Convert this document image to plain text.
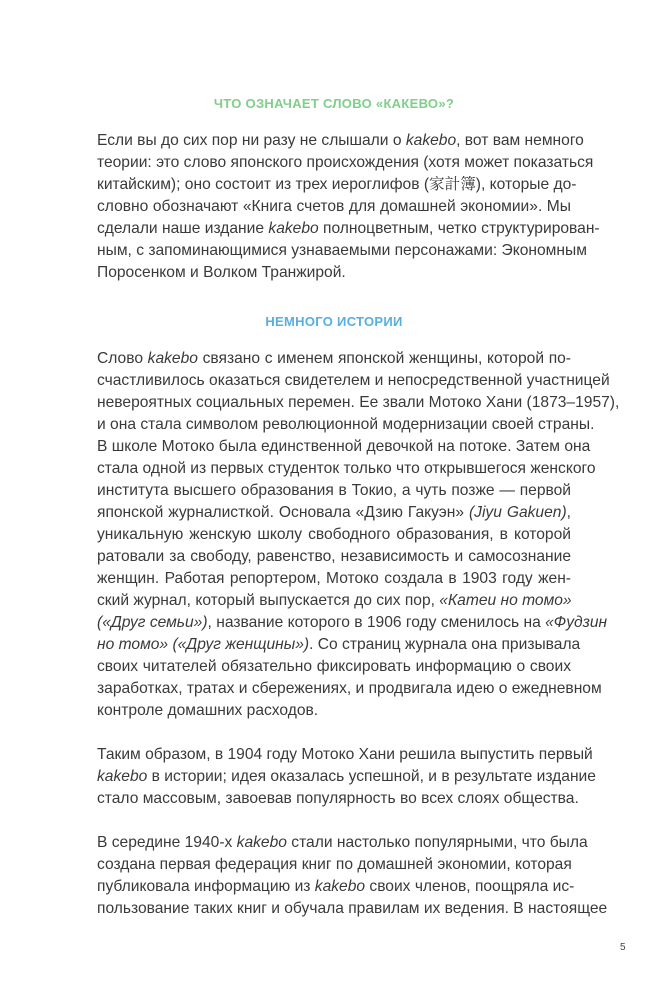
ЧТО ОЗНАЧАЕТ СЛОВО «КАКЕВО»?
Если вы до сих пор ни разу не слышали о kakebo, вот вам немного
теории: это слово японского происхождения (хотя может показаться
китайским); оно состоит из трех иероглифов (家計簿), которые до-
словно обозначают «Книга счетов для домашней экономии». Мы
сделали наше издание kakebo полноцветным, четко структурирован-
ным, с запоминающимися узнаваемыми персонажами: Экономным
Поросенком и Волком Транжирой.
НЕМНОГО ИСТОРИИ
Слово kakebo связано с именем японской женщины, которой по-
счастливилось оказаться свидетелем и непосредственной участницей
невероятных социальных перемен. Ее звали Мотоко Хани (1873–1957),
и она стала символом революционной модернизации своей страны.
В школе Мотоко была единственной девочкой на потоке. Затем она
стала одной из первых студенток только что открывшегося женского
института высшего образования в Токио, а чуть позже — первой
японской журналисткой. Основала «Дзию Гакуэн» (Jiyu Gakuen),
уникальную женскую школу свободного образования, в которой
ратовали за свободу, равенство, независимость и самосознание
женщин. Работая репортером, Мотоко создала в 1903 году жен-
ский журнал, который выпускается до сих пор, «Катеи но томо»
(«Друг семьи»), название которого в 1906 году сменилось на «Фудзин
но томо» («Друг женщины»). Со страниц журнала она призывала
своих читателей обязательно фиксировать информацию о своих
заработках, тратах и сбережениях, и продвигала идею о ежедневном
контроле домашних расходов.
Таким образом, в 1904 году Мотоко Хани решила выпустить первый
kakebo в истории; идея оказалась успешной, и в результате издание
стало массовым, завоевав популярность во всех слоях общества.
В середине 1940-х kakebo стали настолько популярными, что была
создана первая федерация книг по домашней экономии, которая
публиковала информацию из kakebo своих членов, поощряла ис-
пользование таких книг и обучала правилам их ведения. В настоящее
5
